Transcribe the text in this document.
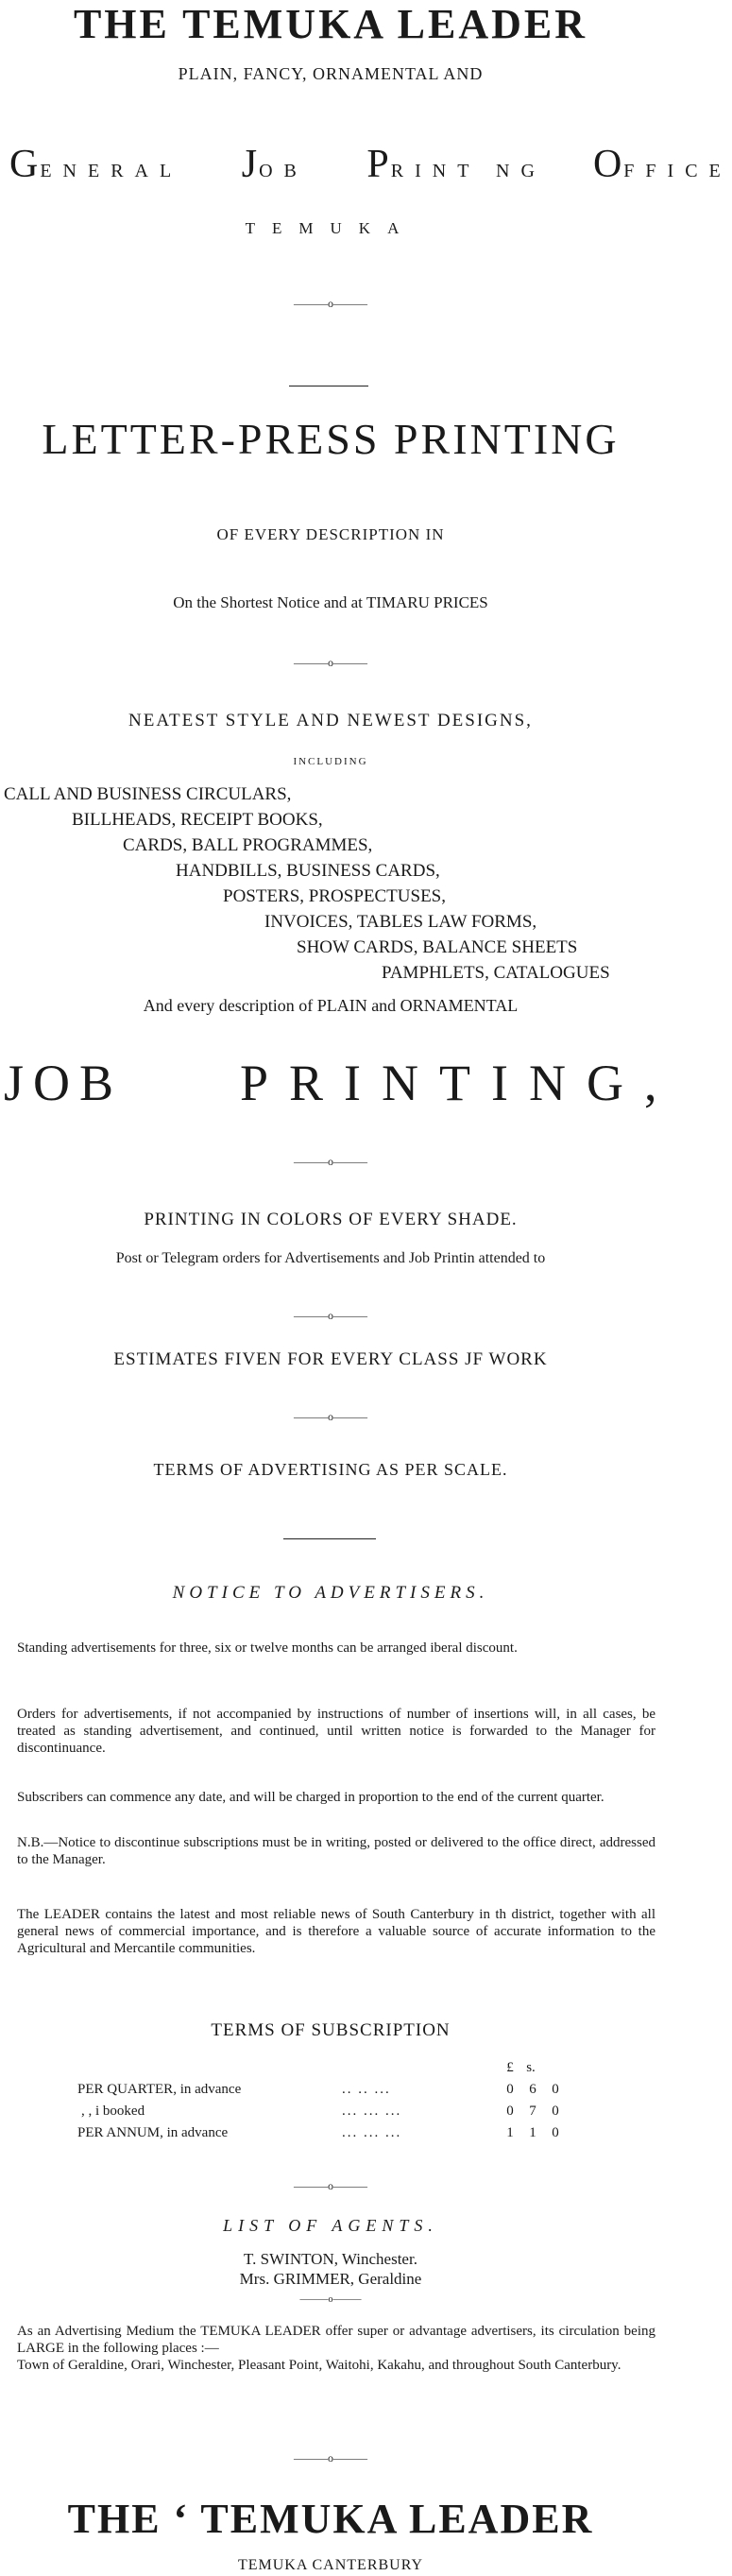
THE TEMUKA LEADER
PLAIN, FANCY, ORNAMENTAL AND
GENERAL JOB PRINT NG OFFICE
TEMUKA
———o———
LETTER-PRESS PRINTING
OF EVERY DESCRIPTION IN
On the Shortest Notice and at TIMARU PRICES
———o———
NEATEST STYLE AND NEWEST DESIGNS,
INCLUDING
CALL AND BUSINESS CIRCULARS,
BILLHEADS, RECEIPT BOOKS,
CARDS, BALL PROGRAMMES,
HANDBILLS, BUSINESS CARDS,
POSTERS, PROSPECTUSES,
INVOICES, TABLES LAW FORMS,
SHOW CARDS, BALANCE SHEETS
PAMPHLETS, CATALOGUES
And every description of PLAIN and ORNAMENTAL
JOB PRINTING,
———o———
PRINTING IN COLORS OF EVERY SHADE.
Post or Telegram orders for Advertisements and Job Printin attended to
———o———
ESTIMATES FIVEN FOR EVERY CLASS JF WORK
———o———
TERMS OF ADVERTISING AS PER SCALE.
NOTICE TO ADVERTISERS.
Standing advertisements for three, six or twelve months can be arranged iberal discount.
Orders for advertisements, if not accompanied by instructions of number of insertions will, in all cases, be treated as standing advertisement, and continued, until written notice is forwarded to the Manager for discontinuance.
Subscribers can commence any date, and will be charged in proportion to the end of the current quarter.
N.B.—Notice to discontinue subscriptions must be in writing, posted or delivered to the office direct, addressed to the Manager.
The LEADER contains the latest and most reliable news of South Canterbury in th district, together with all general news of commercial importance, and is therefore a valuable source of accurate information to the Agricultural and Mercantile communities.
TERMS OF SUBSCRIPTION
£ s.
PER QUARTER, in advance	.. .. ...	0	6	0
, , i booked	... ... ...	0	7	0
PER ANNUM, in advance	... ... ...	1	1	0
———o———
LIST OF AGENTS.
T. SWINTON, Winchester.
Mrs. GRIMMER, Geraldine
———o———
As an Advertising Medium the TEMUKA LEADER offer super or advantage advertisers, its circulation being LARGE in the following places :—
Town of Geraldine, Orari, Winchester, Pleasant Point, Waitohi, Kakahu, and throughout South Canterbury.
———o———
THE ‘ TEMUKA LEADER
TEMUKA CANTERBURY
